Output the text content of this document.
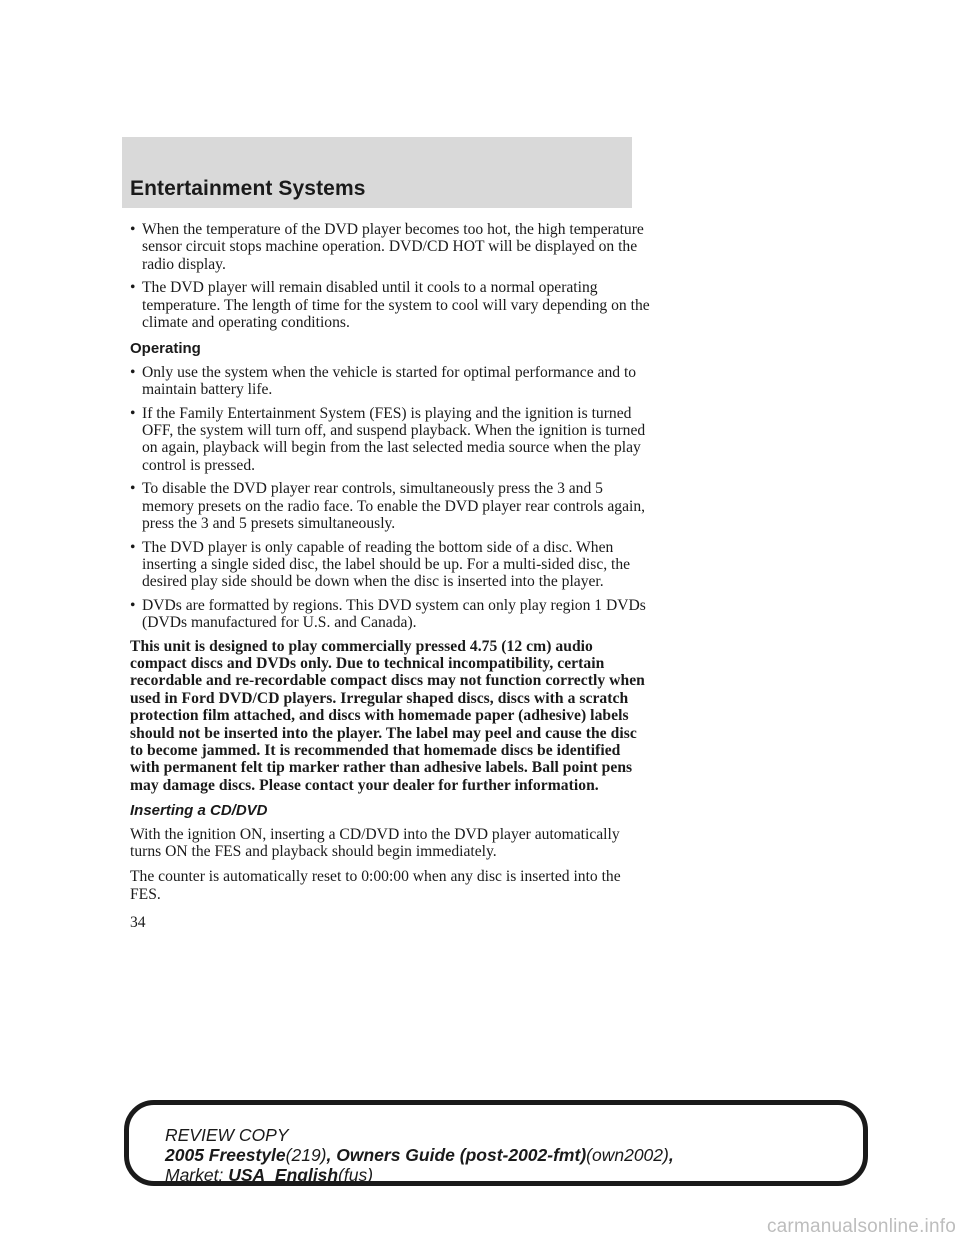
Entertainment Systems
• When the temperature of the DVD player becomes too hot, the high temperature sensor circuit stops machine operation. DVD/CD HOT will be displayed on the radio display.
• The DVD player will remain disabled until it cools to a normal operating temperature. The length of time for the system to cool will vary depending on the climate and operating conditions.
Operating
• Only use the system when the vehicle is started for optimal performance and to maintain battery life.
• If the Family Entertainment System (FES) is playing and the ignition is turned OFF, the system will turn off, and suspend playback. When the ignition is turned on again, playback will begin from the last selected media source when the play control is pressed.
• To disable the DVD player rear controls, simultaneously press the 3 and 5 memory presets on the radio face. To enable the DVD player rear controls again, press the 3 and 5 presets simultaneously.
• The DVD player is only capable of reading the bottom side of a disc. When inserting a single sided disc, the label should be up. For a multi-sided disc, the desired play side should be down when the disc is inserted into the player.
• DVDs are formatted by regions. This DVD system can only play region 1 DVDs (DVDs manufactured for U.S. and Canada).
This unit is designed to play commercially pressed 4.75 (12 cm) audio compact discs and DVDs only. Due to technical incompatibility, certain recordable and re-recordable compact discs may not function correctly when used in Ford DVD/CD players. Irregular shaped discs, discs with a scratch protection film attached, and discs with homemade paper (adhesive) labels should not be inserted into the player. The label may peel and cause the disc to become jammed. It is recommended that homemade discs be identified with permanent felt tip marker rather than adhesive labels. Ball point pens may damage discs. Please contact your dealer for further information.
Inserting a CD/DVD
With the ignition ON, inserting a CD/DVD into the DVD player automatically turns ON the FES and playback should begin immediately.
The counter is automatically reset to 0:00:00 when any disc is inserted into the FES.
34
REVIEW COPY
2005 Freestyle(219), Owners Guide (post-2002-fmt)(own2002),
Market: USA_English(fus)
carmanualsonline.info
